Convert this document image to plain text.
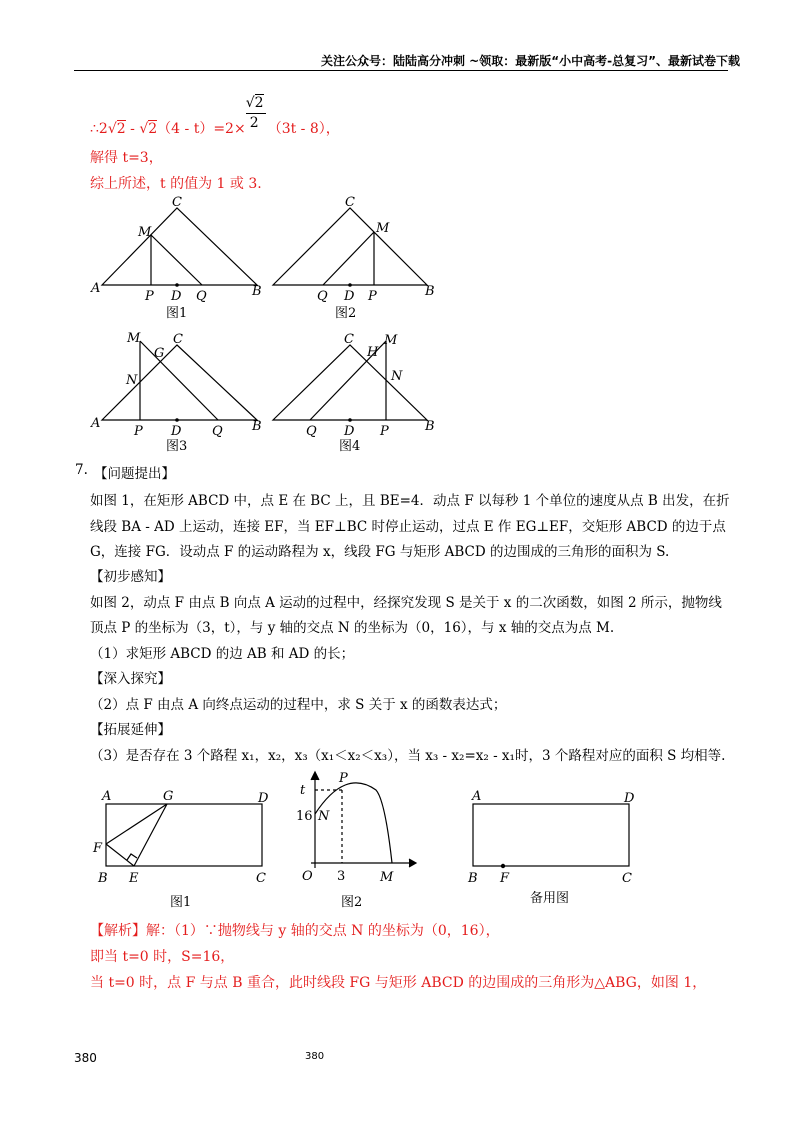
关注公众号：陆陆高分冲刺 ~领取：最新版“小中高考-总复习”、最新试卷下载
∴2√2 - $√2(4 - t)=2\times \frac{√2}{2} (3t - 8)$，
解得 t=3，
综上所述，t 的值为 1 或 3.
A	B
C
M
P D Q
C
M
B
Q D P
M
G
C
N
A	B
P D Q
C
H
M
N
B
Q D P
图1	图2
图3	图4
7. 【问题提出】
如图 1，在矩形 ABCD 中，点 E 在 BC 上，且 BE=4．动点 F 以每秒 1 个单位的速度从点 B 出发，在折
线段 BA - AD 上运动，连接 EF，当 EF⊥BC 时停止运动，过点 E 作 EG⊥EF，交矩形 ABCD 的边于点
G，连接 FG．设动点 F 的运动路程为 x，线段 FG 与矩形 ABCD 的边围成的三角形的面积为 S.
【初步感知】
如图 2，动点 F 由点 B 向点 A 运动的过程中，经探究发现 S 是关于 x 的二次函数，如图 2 所示，抛物线
顶点 P 的坐标为（3，t），与 y 轴的交点 N 的坐标为（0，16），与 x 轴的交点为点 M.
（1）求矩形 ABCD 的边 AB 和 AD 的长；
【深入探究】
（2）点 F 由点 A 向终点运动的过程中，求 S 关于 x 的函数表达式；
【拓展延伸】
（3）是否存在 3 个路程 x₁，x₂，x₃（x₁＜x₂＜x₃），当 x₃ - x₂=x₂ - x₁时，3 个路程对应的面积 S 均相等.
A	G	D
F
B E	C
t
P
N
O	M
A	D
B F	C
16
3
图1	图2	备用图
【解析】解：（1）∵抛物线与 y 轴的交点 N 的坐标为（0，16），
即当 t=0 时，S=16，
当 t=0 时，点 F 与点 B 重合，此时线段 FG 与矩形 ABCD 的边围成的三角形为△ABG，如图 1，
380	380
